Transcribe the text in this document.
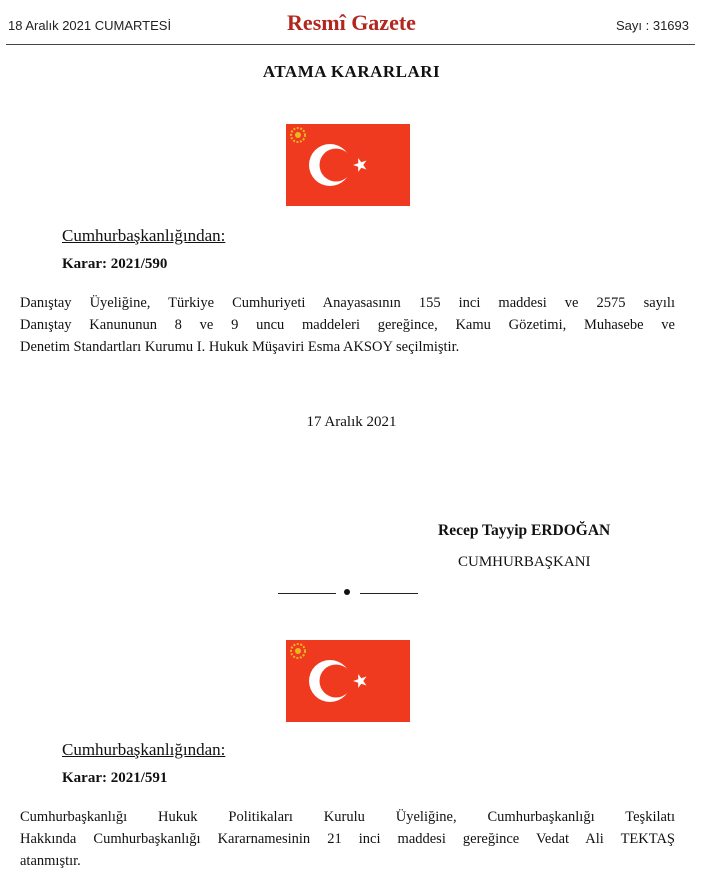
18 Aralık 2021 CUMARTESİ	Resmî Gazete	Sayı : 31693
ATAMA KARARLARI
Cumhurbaşkanlığından:
Karar: 2021/590
Danıştay Üyeliğine, Türkiye Cumhuriyeti Anayasasının 155 inci maddesi ve 2575 sayılı
Danıştay Kanununun 8 ve 9 uncu maddeleri gereğince, Kamu Gözetimi, Muhasebe ve
Denetim Standartları Kurumu I. Hukuk Müşaviri Esma AKSOY seçilmiştir.
17 Aralık 2021
Recep Tayyip ERDOĞAN
CUMHURBAŞKANI
Cumhurbaşkanlığından:
Karar: 2021/591
Cumhurbaşkanlığı Hukuk Politikaları Kurulu Üyeliğine, Cumhurbaşkanlığı Teşkilatı
Hakkında Cumhurbaşkanlığı Kararnamesinin 21 inci maddesi gereğince Vedat Ali TEKTAŞ
atanmıştır.
